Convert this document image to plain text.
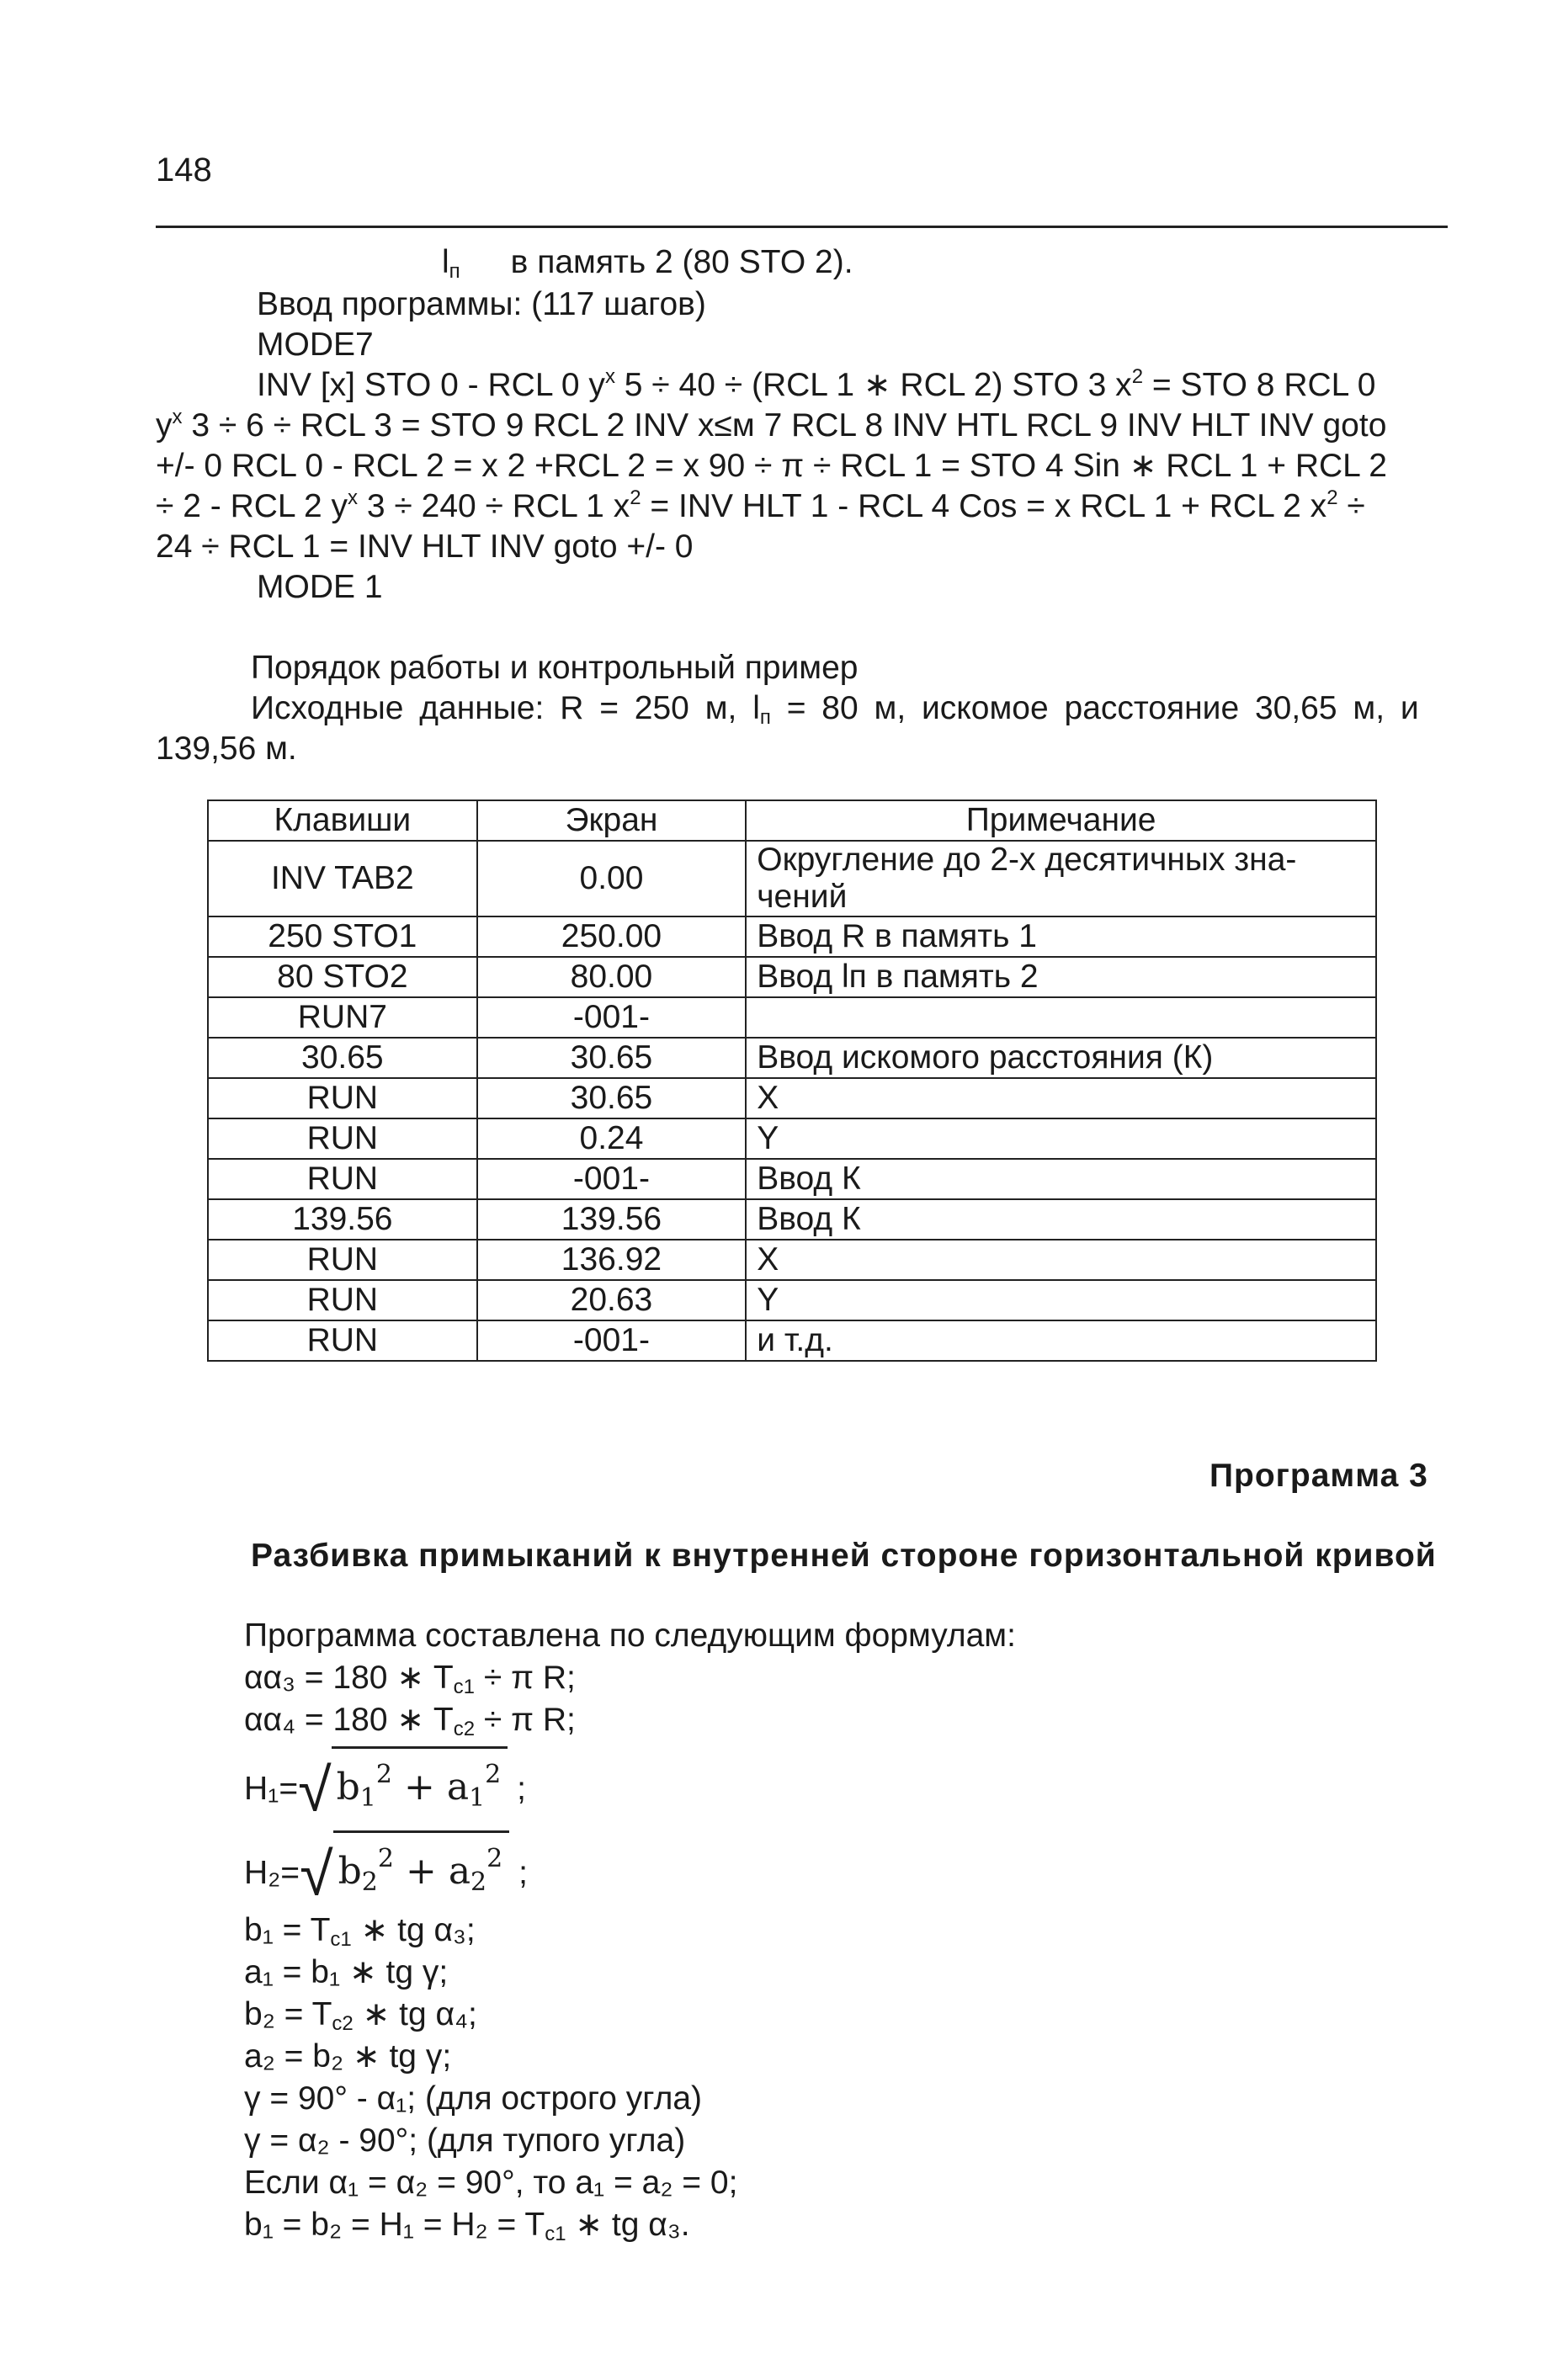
148
$l_п$ в память 2 (80 STO 2).
Ввод программы: (117 шагов)
MODE7
INV [x] STO 0 - RCL 0 $y^x$ 5 ÷ 40 ÷ (RCL 1 ∗ RCL 2) STO 3 $x^2$ = STO 8 RCL 0
$y^x$ 3 ÷ 6 ÷ RCL 3 = STO 9 RCL 2 INV x≤м 7 RCL 8 INV HTL RCL 9 INV HLT INV goto
+/- 0 RCL 0 - RCL 2 = x 2 +RCL 2 = x 90 ÷ π ÷ RCL 1 = STO 4 Sin ∗ RCL 1 + RCL 2
÷ 2 - RCL 2 $y^x$ 3 ÷ 240 ÷ RCL 1 $x^2$ = INV HLT 1 - RCL 4 Cos = x RCL 1 + RCL 2 $x^2$ ÷
24 ÷ RCL 1 = INV HLT INV goto +/- 0
MODE 1
Порядок работы и контрольный пример
Исходные данные: R = 250 м, $l_п = 80$ м, искомое расстояние 30,65 м, и
139,56 м.
Клавиши	Экран	Примечание
INV TAB2	0.00	Округление до 2-х десятичных зна-
чений

250 STO1	250.00	Ввод R в память 1
80 STO2	80.00	Ввод lп в память 2
RUN7	-001-	
30.65	30.65	Ввод искомого расстояния (К)
RUN	30.65	X
RUN	0.24	Y
RUN	-001-	Ввод К
139.56	139.56	Ввод К
RUN	136.92	X
RUN	20.63	Y
RUN	-001-	и т.д.
Программа 3
Разбивка примыканий к внутренней стороне горизонтальной кривой
Программа составлена по следующим формулам:
αα₃ = 180 ∗ $T_{c1} \div \pi$ R;
αα₄ = 180 ∗ $T_{c2} \div \pi$ R;
H₁=√ $b_1^2 + a_1^2$ ;
H₂=√ $b_2^2 + a_2^2$ ;
$b_1 = T_{c1}$ ∗ tg α₃;
a₁ = b₁ ∗ tg γ;
$b_2 = T_{c2}$ ∗ tg α₄;
a₂ = b₂ ∗ tg γ;
γ = 90° - α₁; (для острого угла)
γ = α₂ - 90°; (для тупого угла)
Если α₁ = α₂ = 90°, то a₁ = a₂ = 0;
$b_1 = b_2 = H_1 = H_2 = T_{c1}$ ∗ tg α₃.
